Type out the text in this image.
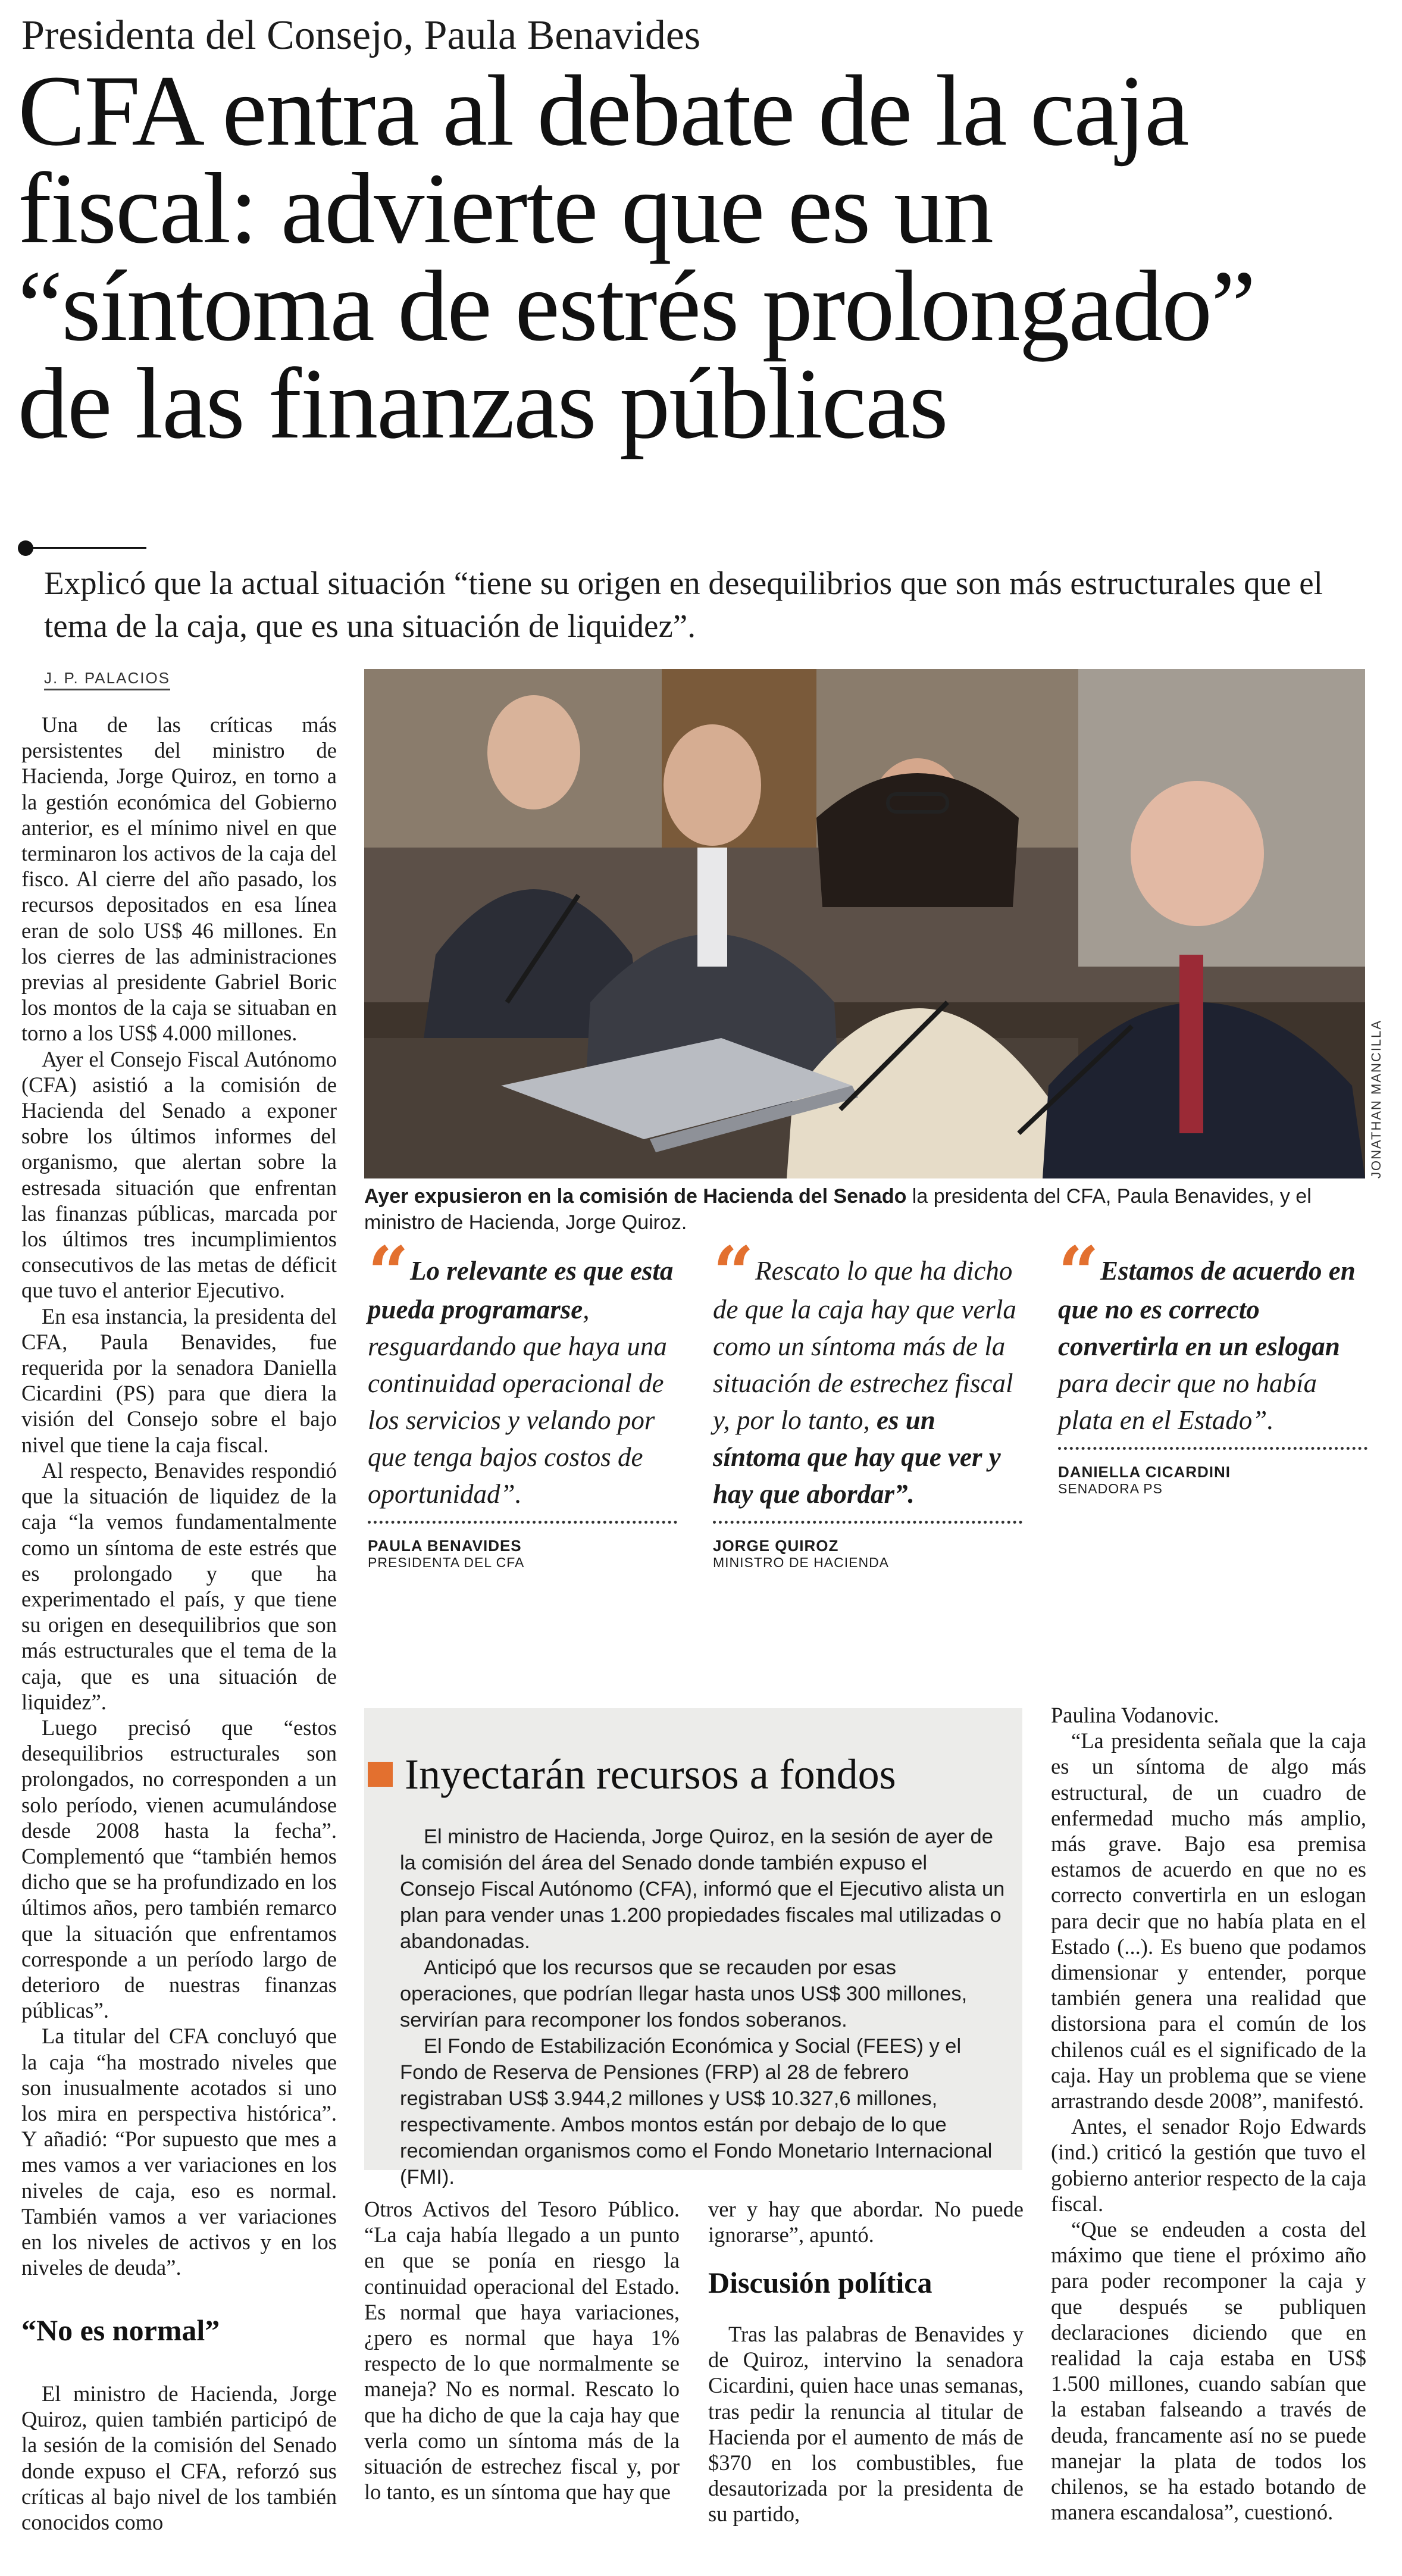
Presidenta del Consejo, Paula Benavides
CFA entra al debate de la caja
fiscal: advierte que es un
“síntoma de estrés prolongado”
de las finanzas públicas
Explicó que la actual situación “tiene su origen en desequilibrios que son más estructurales que el tema de la caja, que es una situación de liquidez”.
J. P. PALACIOS

Una de las críticas más persistentes del ministro de Hacienda, Jorge Quiroz, en torno a la gestión económica del Gobierno anterior, es el mínimo nivel en que terminaron los activos de la caja del fisco. Al cierre del año pasado, los recursos depositados en esa línea eran de solo US$ 46 millones. En los cierres de las administraciones previas al presidente Gabriel Boric los montos de la caja se situaban en torno a los US$ 4.000 millones.

Ayer el Consejo Fiscal Autónomo (CFA) asistió a la comisión de Hacienda del Senado a exponer sobre los últimos informes del organismo, que alertan sobre la estresada situación que enfrentan las finanzas públicas, marcada por los últimos tres incumplimientos consecutivos de las metas de déficit que tuvo el anterior Ejecutivo.

En esa instancia, la presidenta del CFA, Paula Benavides, fue requerida por la senadora Daniella Cicardini (PS) para que diera la visión del Consejo sobre el bajo nivel que tiene la caja fiscal.

Al respecto, Benavides respondió que la situación de liquidez de la caja “la vemos fundamentalmente como un síntoma de este estrés que es prolongado y que ha experimentado el país, y que tiene su origen en desequilibrios que son más estructurales que el tema de la caja, que es una situación de liquidez”.

Luego precisó que “estos desequilibrios estructurales son prolongados, no corresponden a un solo período, vienen acumulándose desde 2008 hasta la fecha”. Complementó que “también hemos dicho que se ha profundizado en los últimos años, pero también remarco que la situación que enfrentamos corresponde a un período largo de deterioro de nuestras finanzas públicas”.

La titular del CFA concluyó que la caja “ha mostrado niveles que son inusualmente acotados si uno los mira en perspectiva histórica”. Y añadió: “Por supuesto que mes a mes vamos a ver variaciones en los niveles de caja, eso es normal. También vamos a ver variaciones en los niveles de activos y en los niveles de deuda”.

“No es normal”

El ministro de Hacienda, Jorge Quiroz, quien también participó de la sesión de la comisión del Senado donde expuso el CFA, reforzó sus críticas al bajo nivel de los también conocidos como

JONATHAN MANCILLA
Ayer expusieron en la comisión de Hacienda del Senado la presidenta del CFA, Paula Benavides, y el ministro de Hacienda, Jorge Quiroz.
“ Lo relevante es que esta pueda programarse, resguardando que haya una continuidad operacional de los servicios y velando por que tenga bajos costos de oportunidad”.
PAULA BENAVIDES
PRESIDENTA DEL CFA
“ Rescato lo que ha dicho de que la caja hay que verla como un síntoma más de la situación de estrechez fiscal y, por lo tanto, es un síntoma que hay que ver y hay que abordar”.
JORGE QUIROZ
MINISTRO DE HACIENDA
“ Estamos de acuerdo en que no es correcto convertirla en un eslogan para decir que no había plata en el Estado”.
DANIELLA CICARDINI
SENADORA PS
Inyectarán recursos a fondos

El ministro de Hacienda, Jorge Quiroz, en la sesión de ayer de la comisión del área del Senado donde también expuso el Consejo Fiscal Autónomo (CFA), informó que el Ejecutivo alista un plan para vender unas 1.200 propiedades fiscales mal utilizadas o abandonadas.

Anticipó que los recursos que se recauden por esas operaciones, que podrían llegar hasta unos US$ 300 millones, servirían para recomponer los fondos soberanos.

El Fondo de Estabilización Económica y Social (FEES) y el Fondo de Reserva de Pensiones (FRP) al 28 de febrero registraban US$ 3.944,2 millones y US$ 10.327,6 millones, respectivamente. Ambos montos están por debajo de lo que recomiendan organismos como el Fondo Monetario Internacional (FMI).

Otros Activos del Tesoro Público. “La caja había llegado a un punto en que se ponía en riesgo la continuidad operacional del Estado. Es normal que haya variaciones, ¿pero es normal que haya 1% respecto de lo que normalmente se maneja? No es normal. Rescato lo que ha dicho de que la caja hay que verla como un síntoma más de la situación de estrechez fiscal y, por lo tanto, es un síntoma que hay que

ver y hay que abordar. No puede ignorarse”, apuntó.

Discusión política

Tras las palabras de Benavides y de Quiroz, intervino la senadora Cicardini, quien hace unas semanas, tras pedir la renuncia al titular de Hacienda por el aumento de más de $370 en los combustibles, fue desautorizada por la presidenta de su partido,

Paulina Vodanovic.

“La presidenta señala que la caja es un síntoma de algo más estructural, de un cuadro de enfermedad mucho más amplio, más grave. Bajo esa premisa estamos de acuerdo en que no es correcto convertirla en un eslogan para decir que no había plata en el Estado (...). Es bueno que podamos dimensionar y entender, porque también genera una realidad que distorsiona para el común de los chilenos cuál es el significado de la caja. Hay un problema que se viene arrastrando desde 2008”, manifestó.

Antes, el senador Rojo Edwards (ind.) criticó la gestión que tuvo el gobierno anterior respecto de la caja fiscal.

“Que se endeuden a costa del máximo que tiene el próximo año para poder recomponer la caja y que después se publiquen declaraciones diciendo que en realidad la caja estaba en US$ 1.500 millones, cuando sabían que la estaban falseando a través de deuda, francamente así no se puede manejar la plata de todos los chilenos, se ha estado botando de manera escandalosa”, cuestionó.
